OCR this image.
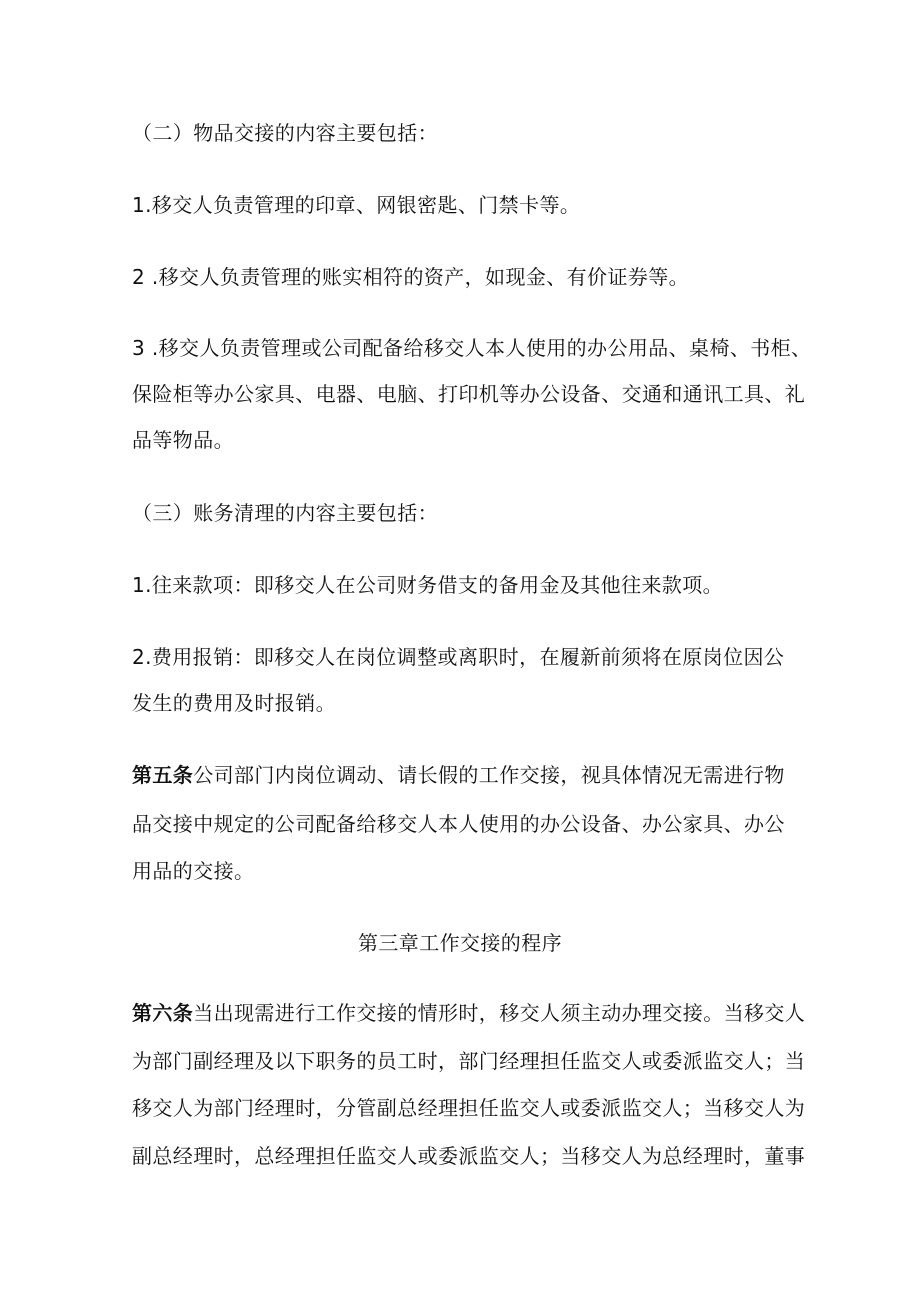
（二）物品交接的内容主要包括：
1.移交人负责管理的印章、网银密匙、门禁卡等。
2 .移交人负责管理的账实相符的资产，如现金、有价证券等。
3 .移交人负责管理或公司配备给移交人本人使用的办公用品、桌椅、书柜、
保险柜等办公家具、电器、电脑、打印机等办公设备、交通和通讯工具、礼
品等物品。
（三）账务清理的内容主要包括：
1.往来款项：即移交人在公司财务借支的备用金及其他往来款项。
2.费用报销：即移交人在岗位调整或离职时，在履新前须将在原岗位因公
发生的费用及时报销。
第五条公司部门内岗位调动、请长假的工作交接，视具体情况无需进行物
品交接中规定的公司配备给移交人本人使用的办公设备、办公家具、办公
用品的交接。
第三章工作交接的程序
第六条当出现需进行工作交接的情形时，移交人须主动办理交接。当移交人
为部门副经理及以下职务的员工时，部门经理担任监交人或委派监交人；当
移交人为部门经理时，分管副总经理担任监交人或委派监交人；当移交人为
副总经理时，总经理担任监交人或委派监交人；当移交人为总经理时，董事
